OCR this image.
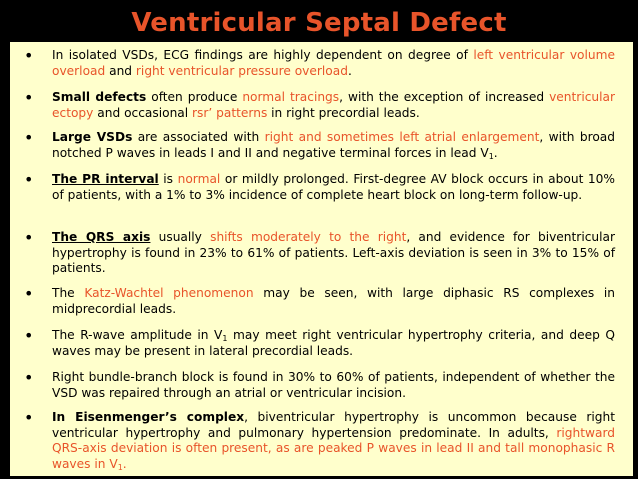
Ventricular Septal Defect
• In isolated VSDs, ECG findings are highly dependent on degree of left ventricular volume overload and right ventricular pressure overload.
• Small defects often produce normal tracings, with the exception of increased ventricular ectopy and occasional rsr’ patterns in right precordial leads.
• Large VSDs are associated with right and sometimes left atrial enlargement, with broad notched P waves in leads I and II and negative terminal forces in lead $V_1$.
• The PR interval is normal or mildly prolonged. First-degree AV block occurs in about 10% of patients, with a 1% to 3% incidence of complete heart block on long-term follow-up.
• The QRS axis usually shifts moderately to the right, and evidence for biventricular hypertrophy is found in 23% to 61% of patients. Left-axis deviation is seen in 3% to 15% of patients.
• The Katz-Wachtel phenomenon may be seen, with large diphasic RS complexes in midprecordial leads.
• The R-wave amplitude in $V_1$ may meet right ventricular hypertrophy criteria, and deep Q waves may be present in lateral precordial leads.
• Right bundle-branch block is found in 30% to 60% of patients, independent of whether the VSD was repaired through an atrial or ventricular incision.
• In Eisenmenger’s complex, biventricular hypertrophy is uncommon because right ventricular hypertrophy and pulmonary hypertension predominate. In adults, rightward QRS-axis deviation is often present, as are peaked P waves in lead II and tall monophasic R waves in $V_1$.
